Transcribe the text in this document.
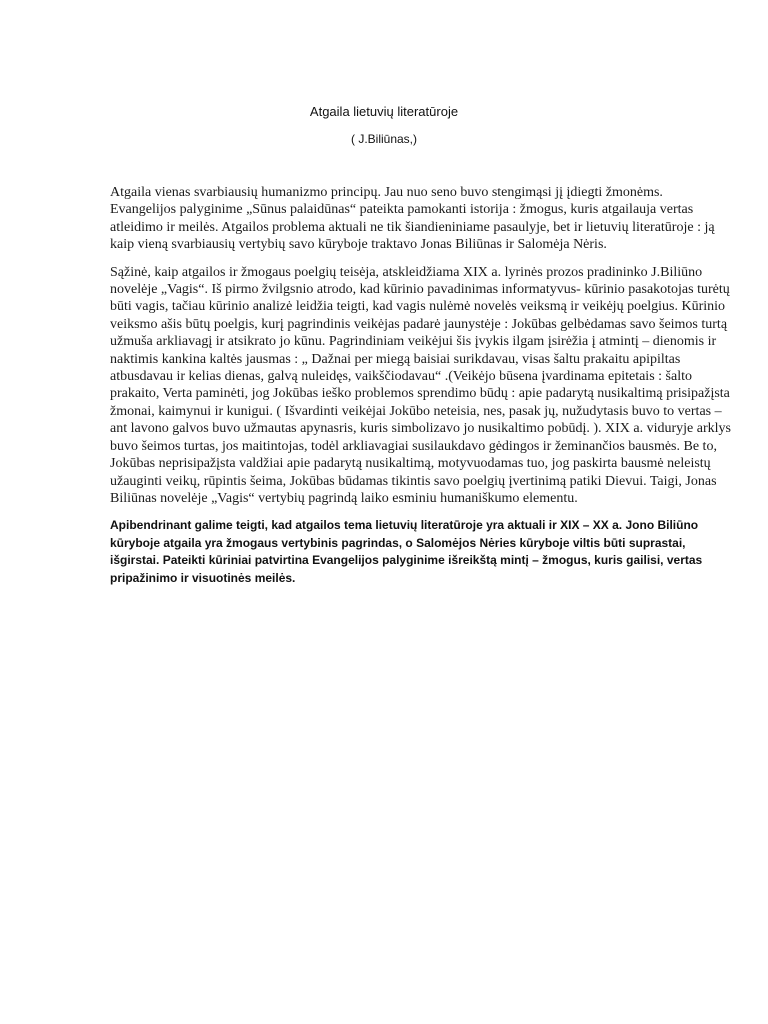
Atgaila lietuvių literatūroje
( J.Biliūnas,)

Atgaila vienas svarbiausių humanizmo principų. Jau nuo seno buvo stengimąsi jį įdiegti žmonėms. Evangelijos palyginime „Sūnus palaidūnas“ pateikta pamokanti istorija : žmogus, kuris atgailauja vertas atleidimo ir meilės. Atgailos problema aktuali ne tik šiandieniniame pasaulyje, bet ir lietuvių literatūroje : ją kaip vieną svarbiausių vertybių savo kūryboje traktavo Jonas Biliūnas ir Salomėja Nėris.

Sąžinė, kaip atgailos ir žmogaus poelgių teisėja, atskleidžiama XIX a. lyrinės prozos pradininko J.Biliūno novelėje „Vagis“. Iš pirmo žvilgsnio atrodo, kad kūrinio pavadinimas informatyvus- kūrinio pasakotojas turėtų būti vagis, tačiau kūrinio analizė leidžia teigti, kad vagis nulėmė novelės veiksmą ir veikėjų poelgius. Kūrinio veiksmo ašis būtų poelgis, kurį pagrindinis veikėjas padarė jaunystėje : Jokūbas gelbėdamas savo šeimos turtą užmuša arkliavagį ir atsikrato jo kūnu. Pagrindiniam veikėjui šis įvykis ilgam įsirėžia į atmintį – dienomis ir naktimis kankina kaltės jausmas : „ Dažnai per miegą baisiai surikdavau, visas šaltu prakaitu apipiltas atbusdavau ir kelias dienas, galvą nuleidęs, vaikščiodavau“ .(Veikėjo būsena įvardinama epitetais : šalto prakaito, Verta paminėti, jog Jokūbas ieško problemos sprendimo būdų : apie padarytą nusikaltimą prisipažįsta žmonai, kaimynui ir kunigui. ( Išvardinti veikėjai Jokūbo neteisia, nes, pasak jų, nužudytasis buvo to vertas – ant lavono galvos buvo užmautas apynasris, kuris simbolizavo jo nusikaltimo pobūdį. ). XIX a. viduryje arklys buvo šeimos turtas, jos maitintojas, todėl arkliavagiai susilaukdavo gėdingos ir žeminančios bausmės. Be to, Jokūbas neprisipažįsta valdžiai apie padarytą nusikaltimą, motyvuodamas tuo, jog paskirta bausmė neleistų užauginti veikų, rūpintis šeima, Jokūbas būdamas tikintis savo poelgių įvertinimą patiki Dievui. Taigi, Jonas Biliūnas novelėje „Vagis“ vertybių pagrindą laiko esminiu humaniškumo elementu.

Apibendrinant galime teigti, kad atgailos tema lietuvių literatūroje yra aktuali ir XIX – XX a. Jono Biliūno kūryboje atgaila yra žmogaus vertybinis pagrindas, o Salomėjos Nėries kūryboje viltis būti suprastai, išgirstai. Pateikti kūriniai patvirtina Evangelijos palyginime išreikštą mintį – žmogus, kuris gailisi, vertas pripažinimo ir visuotinės meilės.
